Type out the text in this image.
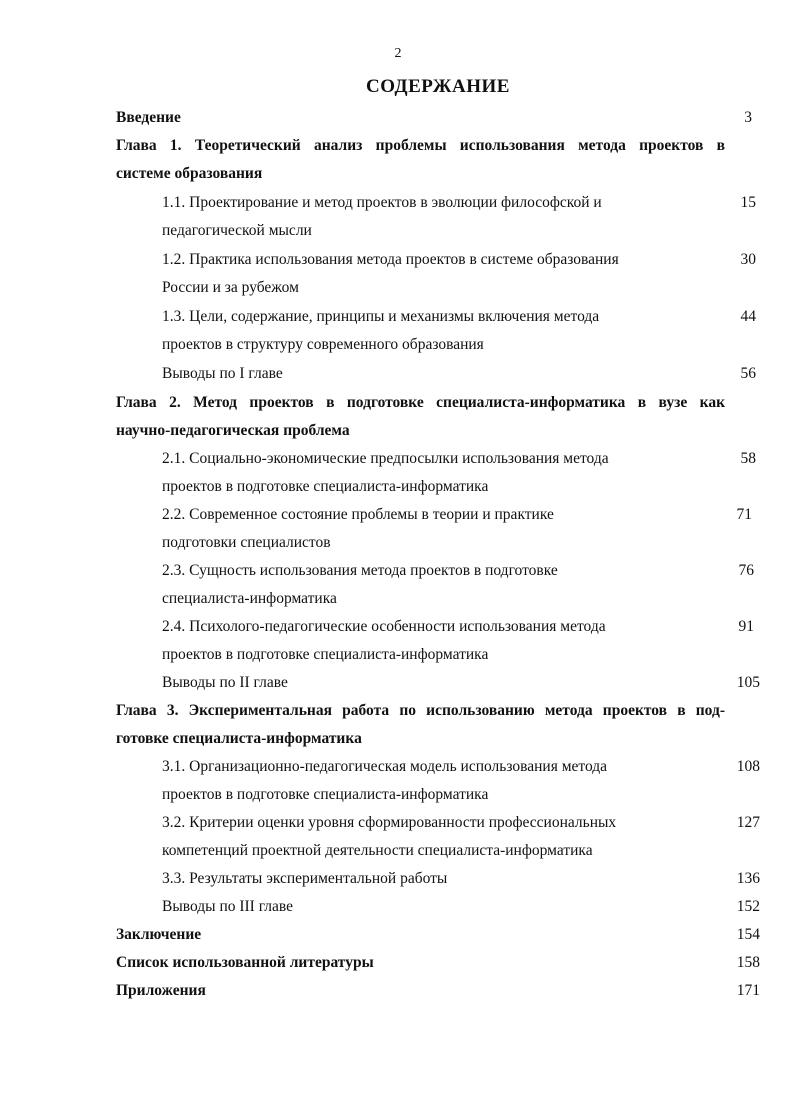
2
СОДЕРЖАНИЕ
Введение	3
Глава 1. Теоретический анализ проблемы использования метода проектов в
системе образования
1.1. Проектирование и метод проектов в эволюции философской и	15
педагогической мысли
1.2. Практика использования метода проектов в системе образования	30
России и за рубежом
1.3. Цели, содержание, принципы и механизмы включения метода	44
проектов в структуру современного образования
Выводы по I главе	56
Глава 2. Метод проектов в подготовке специалиста-информатика в вузе как
научно-педагогическая проблема
2.1. Социально-экономические предпосылки использования метода	58
проектов в подготовке специалиста-информатика
2.2. Современное состояние проблемы в теории и практике	71
подготовки специалистов
2.3. Сущность использования метода проектов в подготовке	76
специалиста-информатика
2.4. Психолого-педагогические особенности использования метода	91
проектов в подготовке специалиста-информатика
Выводы по II главе	105
Глава 3. Экспериментальная работа по использованию метода проектов в под-
готовке специалиста-информатика
3.1. Организационно-педагогическая модель использования метода	108
проектов в подготовке специалиста-информатика
3.2. Критерии оценки уровня сформированности профессиональных	127
компетенций проектной деятельности специалиста-информатика
3.3. Результаты экспериментальной работы	136
Выводы по III главе	152
Заключение	154
Список использованной литературы	158
Приложения	171
